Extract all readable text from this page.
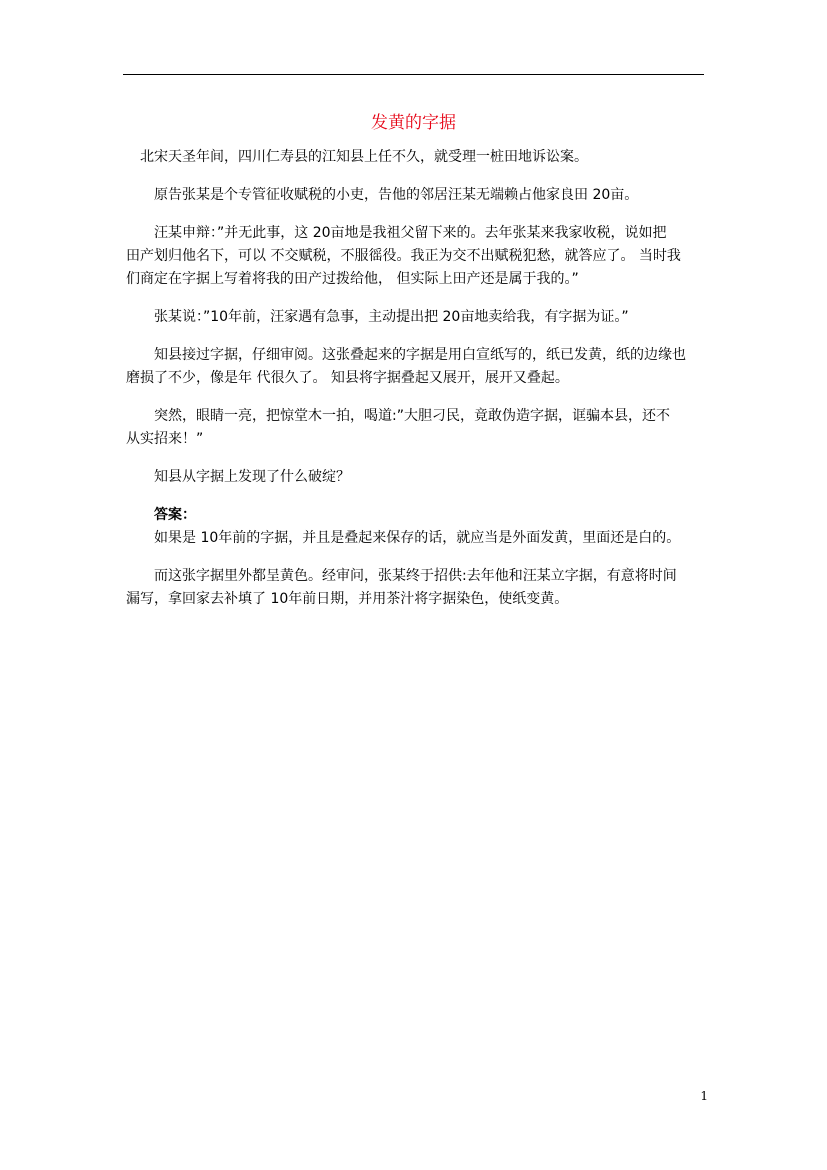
发黄的字据

北宋天圣年间，四川仁寿县的江知县上任不久，就受理一桩田地诉讼案。

原告张某是个专管征收赋税的小吏，告他的邻居汪某无端赖占他家良田 20亩。

汪某申辩：”并无此事，这 20亩地是我祖父留下来的。去年张某来我家收税，说如把
田产划归他名下，可以 不交赋税，不服徭役。我正为交不出赋税犯愁，就答应了。 当时我
们商定在字据上写着将我的田产过拨给他， 但实际上田产还是属于我的。”

张某说：”10年前，汪家遇有急事，主动提出把 20亩地卖给我，有字据为证。”

知县接过字据，仔细审阅。这张叠起来的字据是用白宣纸写的，纸已发黄，纸的边缘也
磨损了不少，像是年 代很久了。 知县将字据叠起又展开，展开又叠起。

突然，眼睛一亮，把惊堂木一拍，喝道:”大胆刁民，竟敢伪造字据，诓骗本县，还不
从实招来！”

知县从字据上发现了什么破绽？

答案：
如果是 10年前的字据，并且是叠起来保存的话，就应当是外面发黄，里面还是白的。

而这张字据里外都呈黄色。经审问，张某终于招供:去年他和汪某立字据，有意将时间
漏写，拿回家去补填了 10年前日期，并用茶汁将字据染色，使纸变黄。

1
